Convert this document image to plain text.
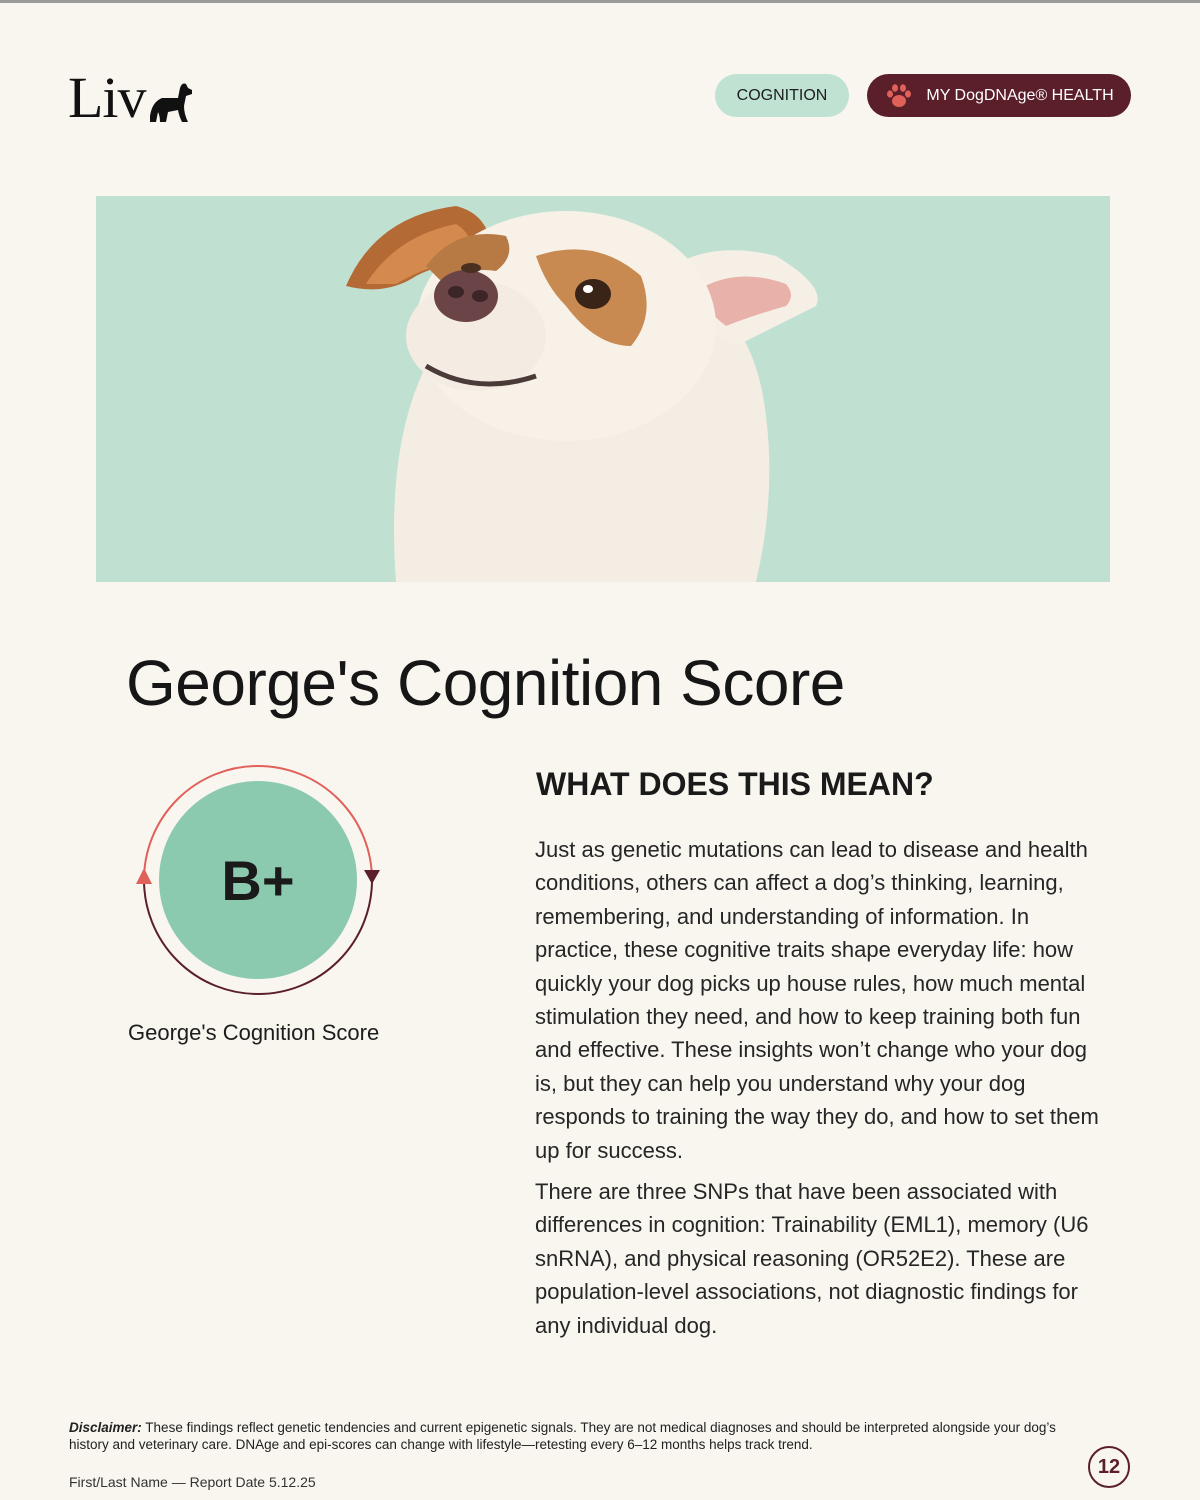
Liv	COGNITION	MY DogDNAge® HEALTH
George's Cognition Score
B+
George's Cognition Score
WHAT DOES THIS MEAN?

Just as genetic mutations can lead to disease and health conditions, others can affect a dog’s thinking, learning, remembering, and understanding of information. In practice, these cognitive traits shape everyday life: how quickly your dog picks up house rules, how much mental stimulation they need, and how to keep training both fun and effective. These insights won’t change who your dog is, but they can help you understand why your dog responds to training the way they do, and how to set them up for success.

There are three SNPs that have been associated with differences in cognition: Trainability (EML1), memory (U6 snRNA), and physical reasoning (OR52E2). These are population-level associations, not diagnostic findings for any individual dog.

Disclaimer: These findings reflect genetic tendencies and current epigenetic signals. They are not medical diagnoses and should be interpreted alongside your dog’s history and veterinary care. DNAge and epi-scores can change with lifestyle—retesting every 6–12 months helps track trend.
First/Last Name — Report Date 5.12.25
12
